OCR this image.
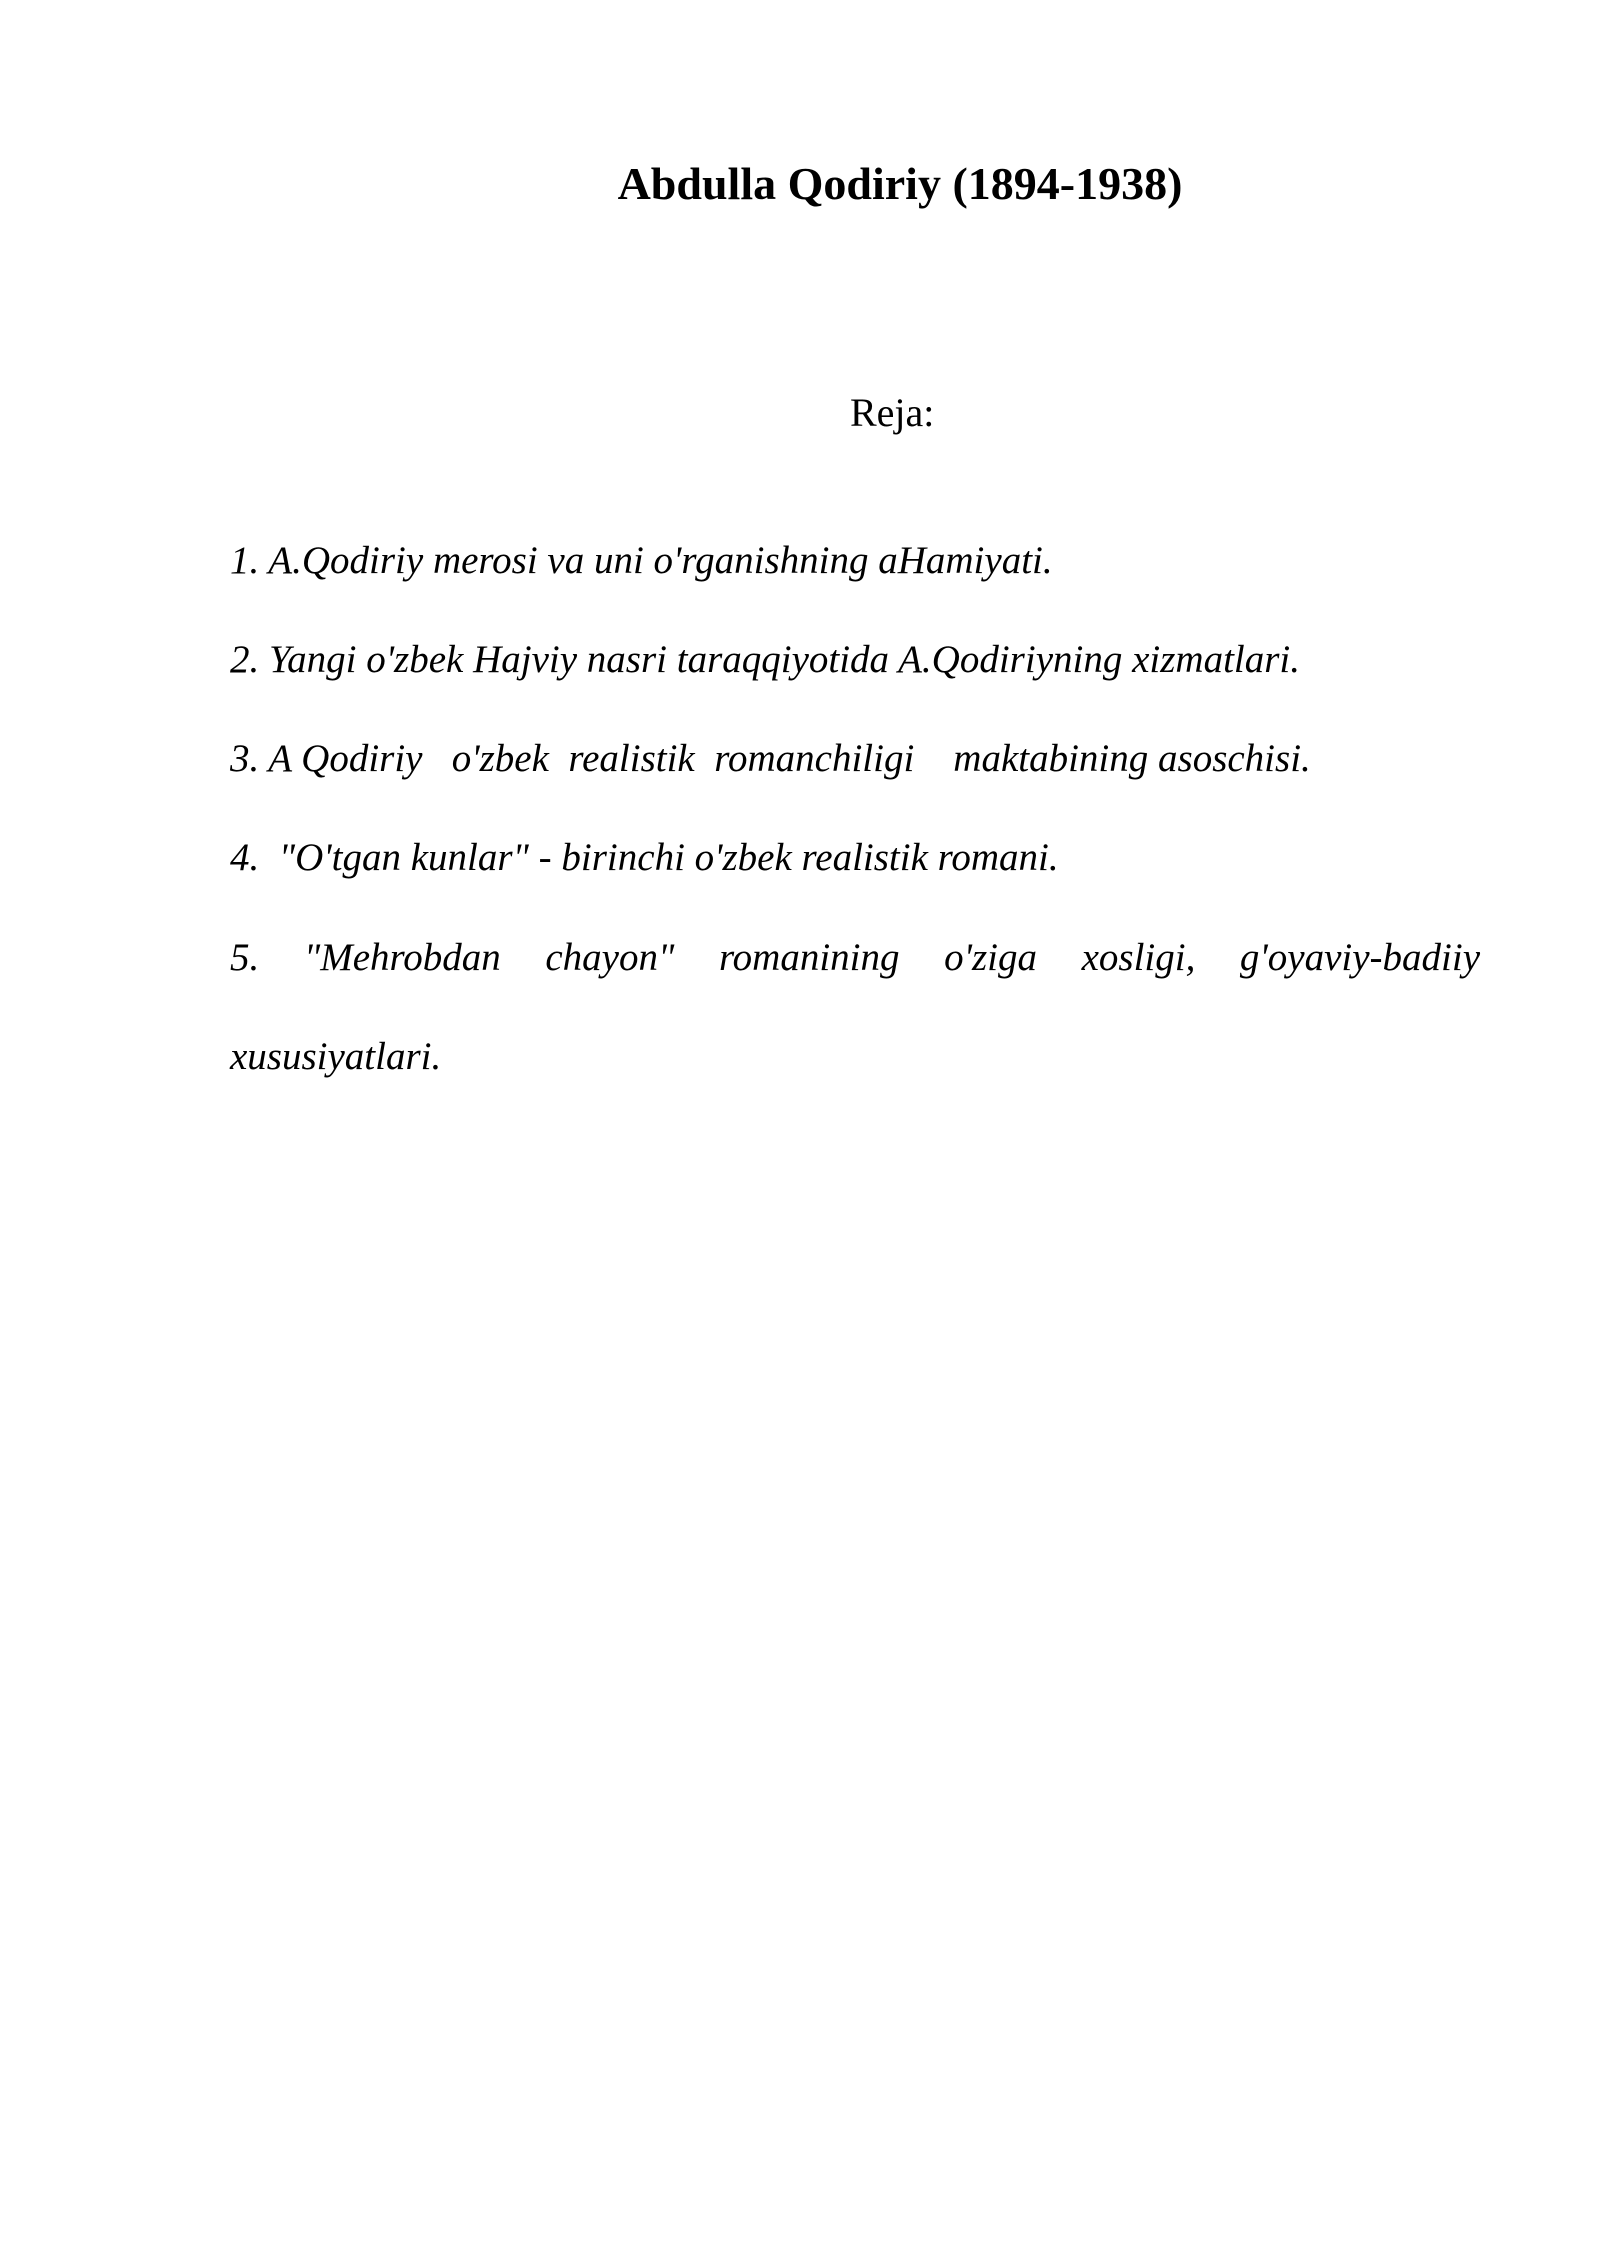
Abdulla Qodiriy (1894-1938)
Reja:
1. A.Qodiriy merosi va uni o'rganishning aHamiyati.
2. Yangi o'zbek Hajviy nasri taraqqiyotida A.Qodiriyning xizmatlari.
3. A Qodiriy   o'zbek  realistik  romanchiligi    maktabining asoschisi.
4.  "O'tgan kunlar" - birinchi o'zbek realistik romani.
5. "Mehrobdan chayon" romanining o'ziga xosligi, g'oyaviy-badiiy xususiyatlari.
